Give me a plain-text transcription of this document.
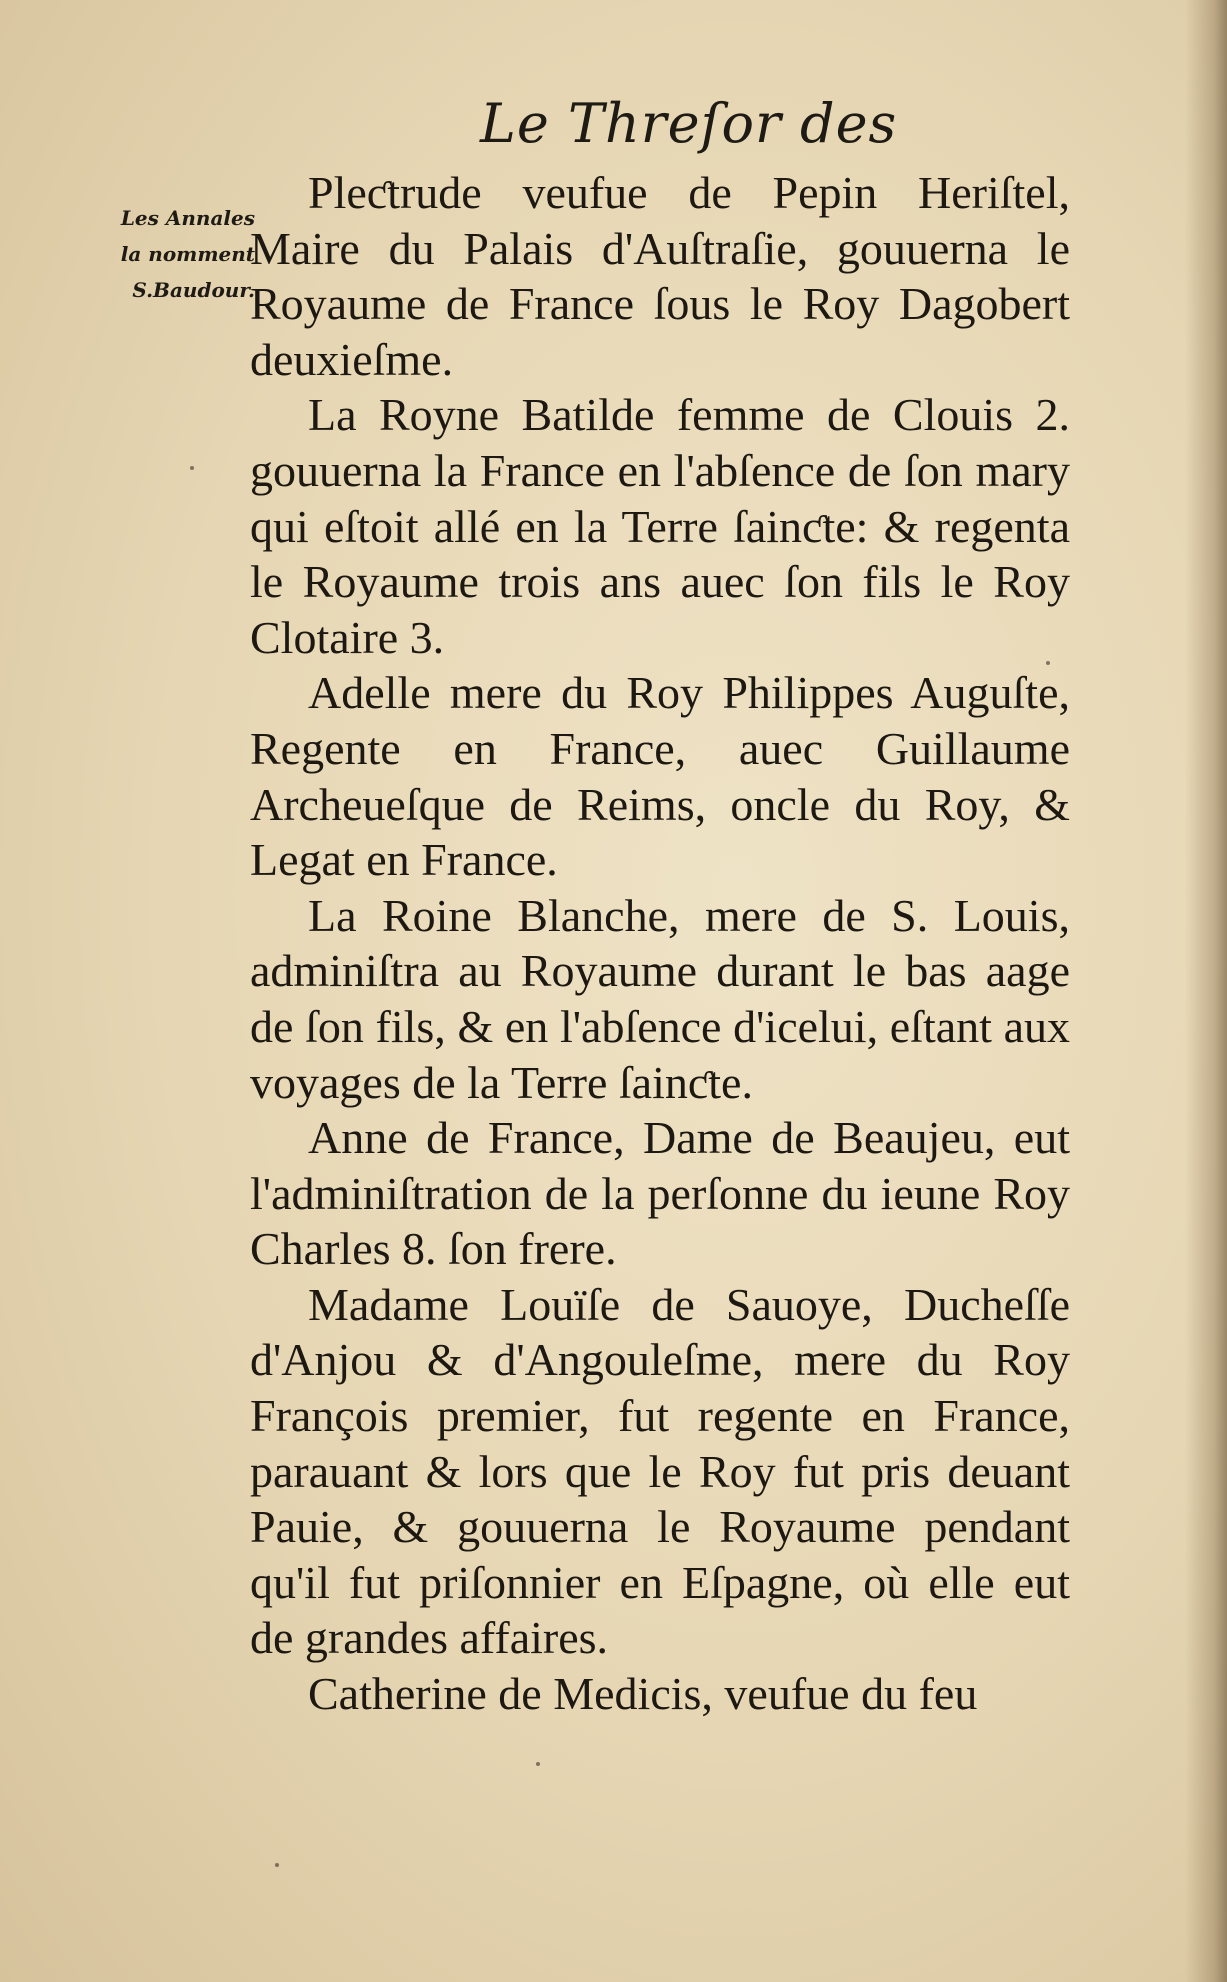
Le Threſor des
Les Annales
la nomment
S.Baudour.

Pleƈtrude veufue de Pepin Heriſtel, Maire du Palais d'Auſtraſie, gouuerna le Royaume de France ſous le Roy Dagobert deuxieſme.

La Royne Batilde femme de Clouis 2. gouuerna la France en l'abſence de ſon mary qui eſtoit allé en la Terre ſainƈte: & regenta le Royaume trois ans auec ſon fils le Roy Clotaire 3.

Adelle mere du Roy Philippes Auguſte, Regente en France, auec Guillaume Archeueſque de Reims, oncle du Roy, & Legat en France.

La Roine Blanche, mere de S. Louis, adminiſtra au Royaume durant le bas aage de ſon fils, & en l'abſence d'icelui, eſtant aux voyages de la Terre ſainƈte.

Anne de France, Dame de Beaujeu, eut l'adminiſtration de la perſonne du ieune Roy Charles 8. ſon frere.

Madame Louïſe de Sauoye, Ducheſſe d'Anjou & d'Angouleſme, mere du Roy François premier, fut regente en France, parauant & lors que le Roy fut pris deuant Pauie, & gouuerna le Royaume pendant qu'il fut priſonnier en Eſpagne, où elle eut de grandes affaires.

Catherine de Medicis, veufue du feu
